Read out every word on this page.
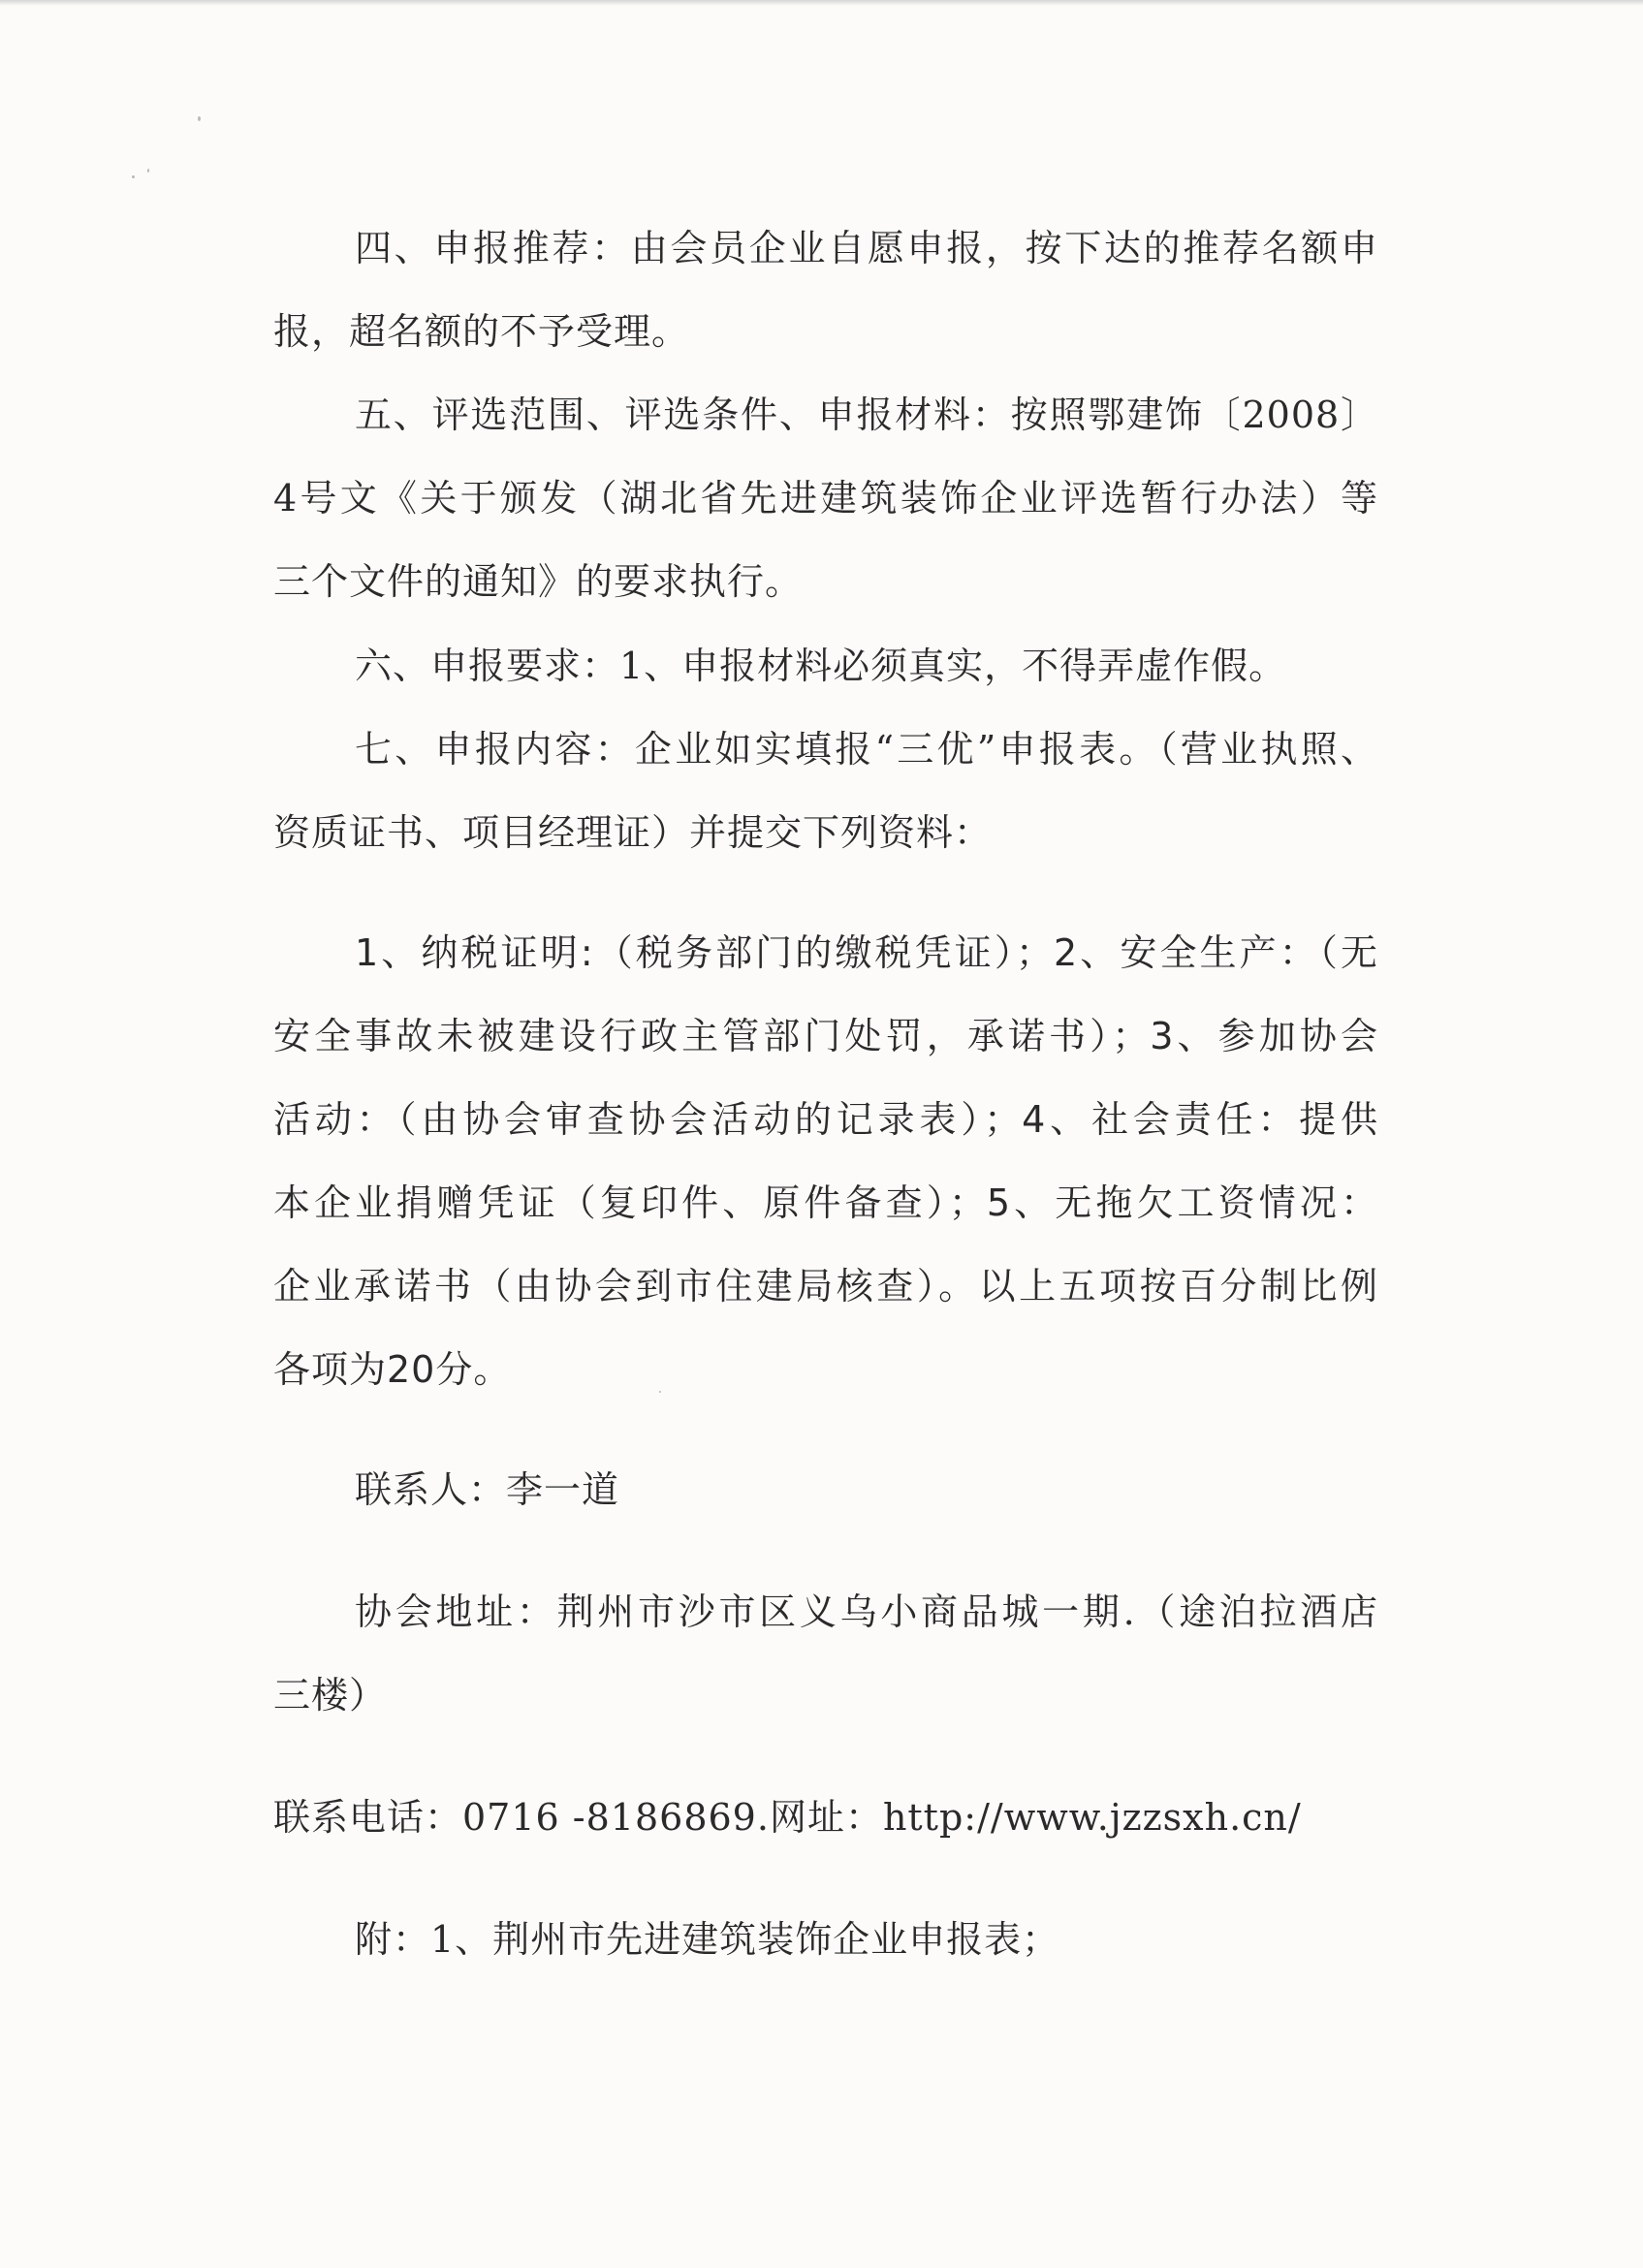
四、申报推荐：由会员企业自愿申报，按下达的推荐名额申

报，超名额的不予受理。

五、评选范围、评选条件、申报材料：按照鄂建饰〔2008〕

4号文《关于颁发（湖北省先进建筑装饰企业评选暂行办法）等

三个文件的通知》的要求执行。

六、申报要求：1、申报材料必须真实，不得弄虚作假。

七、申报内容：企业如实填报“三优”申报表。（营业执照、

资质证书、项目经理证）并提交下列资料：

1、纳税证明:（税务部门的缴税凭证）；2、安全生产：（无

安全事故未被建设行政主管部门处罚，承诺书）；3、参加协会

活动：（由协会审查协会活动的记录表）；4、社会责任：提供

本企业捐赠凭证（复印件、原件备查）；5、无拖欠工资情况：

企业承诺书（由协会到市住建局核查）。以上五项按百分制比例

各项为20分。

联系人：李一道

协会地址：荆州市沙市区义乌小商品城一期.（途泊拉酒店

三楼）

联系电话：0716 -8186869.网址：http://www.jzzsxh.cn/

附：1、荆州市先进建筑装饰企业申报表；
